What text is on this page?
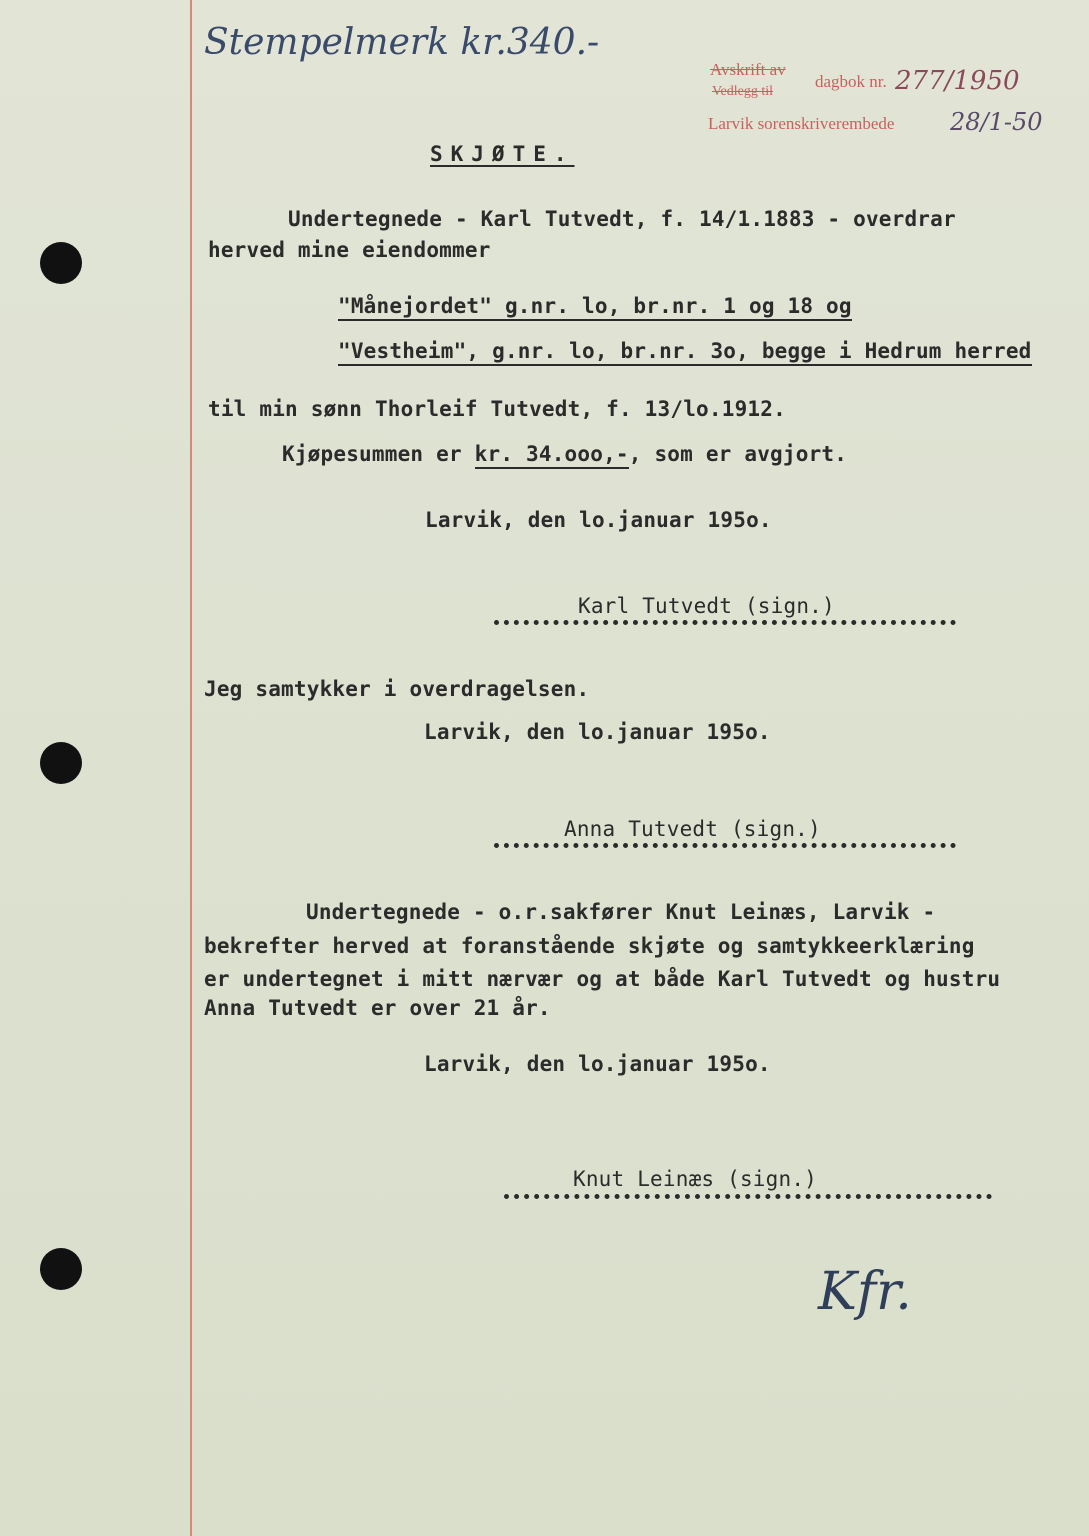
Stempelmerk kr.340.-
Avskrift av
dagbok nr. 277/1950
Vedlegg til
Larvik sorenskriverembede 28/1-50
SKJØTE.
Undertegnede - Karl Tutvedt, f. 14/1.1883 - overdrar
herved mine eiendommer
"Månejordet" g.nr. lo, br.nr. 1 og 18 og
"Vestheim", g.nr. lo, br.nr. 3o, begge i Hedrum herred
til min sønn Thorleif Tutvedt, f. 13/lo.1912.
Kjøpesummen er kr. 34.ooo,-, som er avgjort.
Larvik, den lo.januar 195o.
Karl Tutvedt (sign.)
Jeg samtykker i overdragelsen.
Larvik, den lo.januar 195o.
Anna Tutvedt (sign.)
Undertegnede - o.r.sakfører Knut Leinæs, Larvik -
bekrefter herved at foranstående skjøte og samtykkeerklæring
er undertegnet i mitt nærvær og at både Karl Tutvedt og hustru
Anna Tutvedt er over 21 år.
Larvik, den lo.januar 195o.
Knut Leinæs (sign.)
Kfr.
